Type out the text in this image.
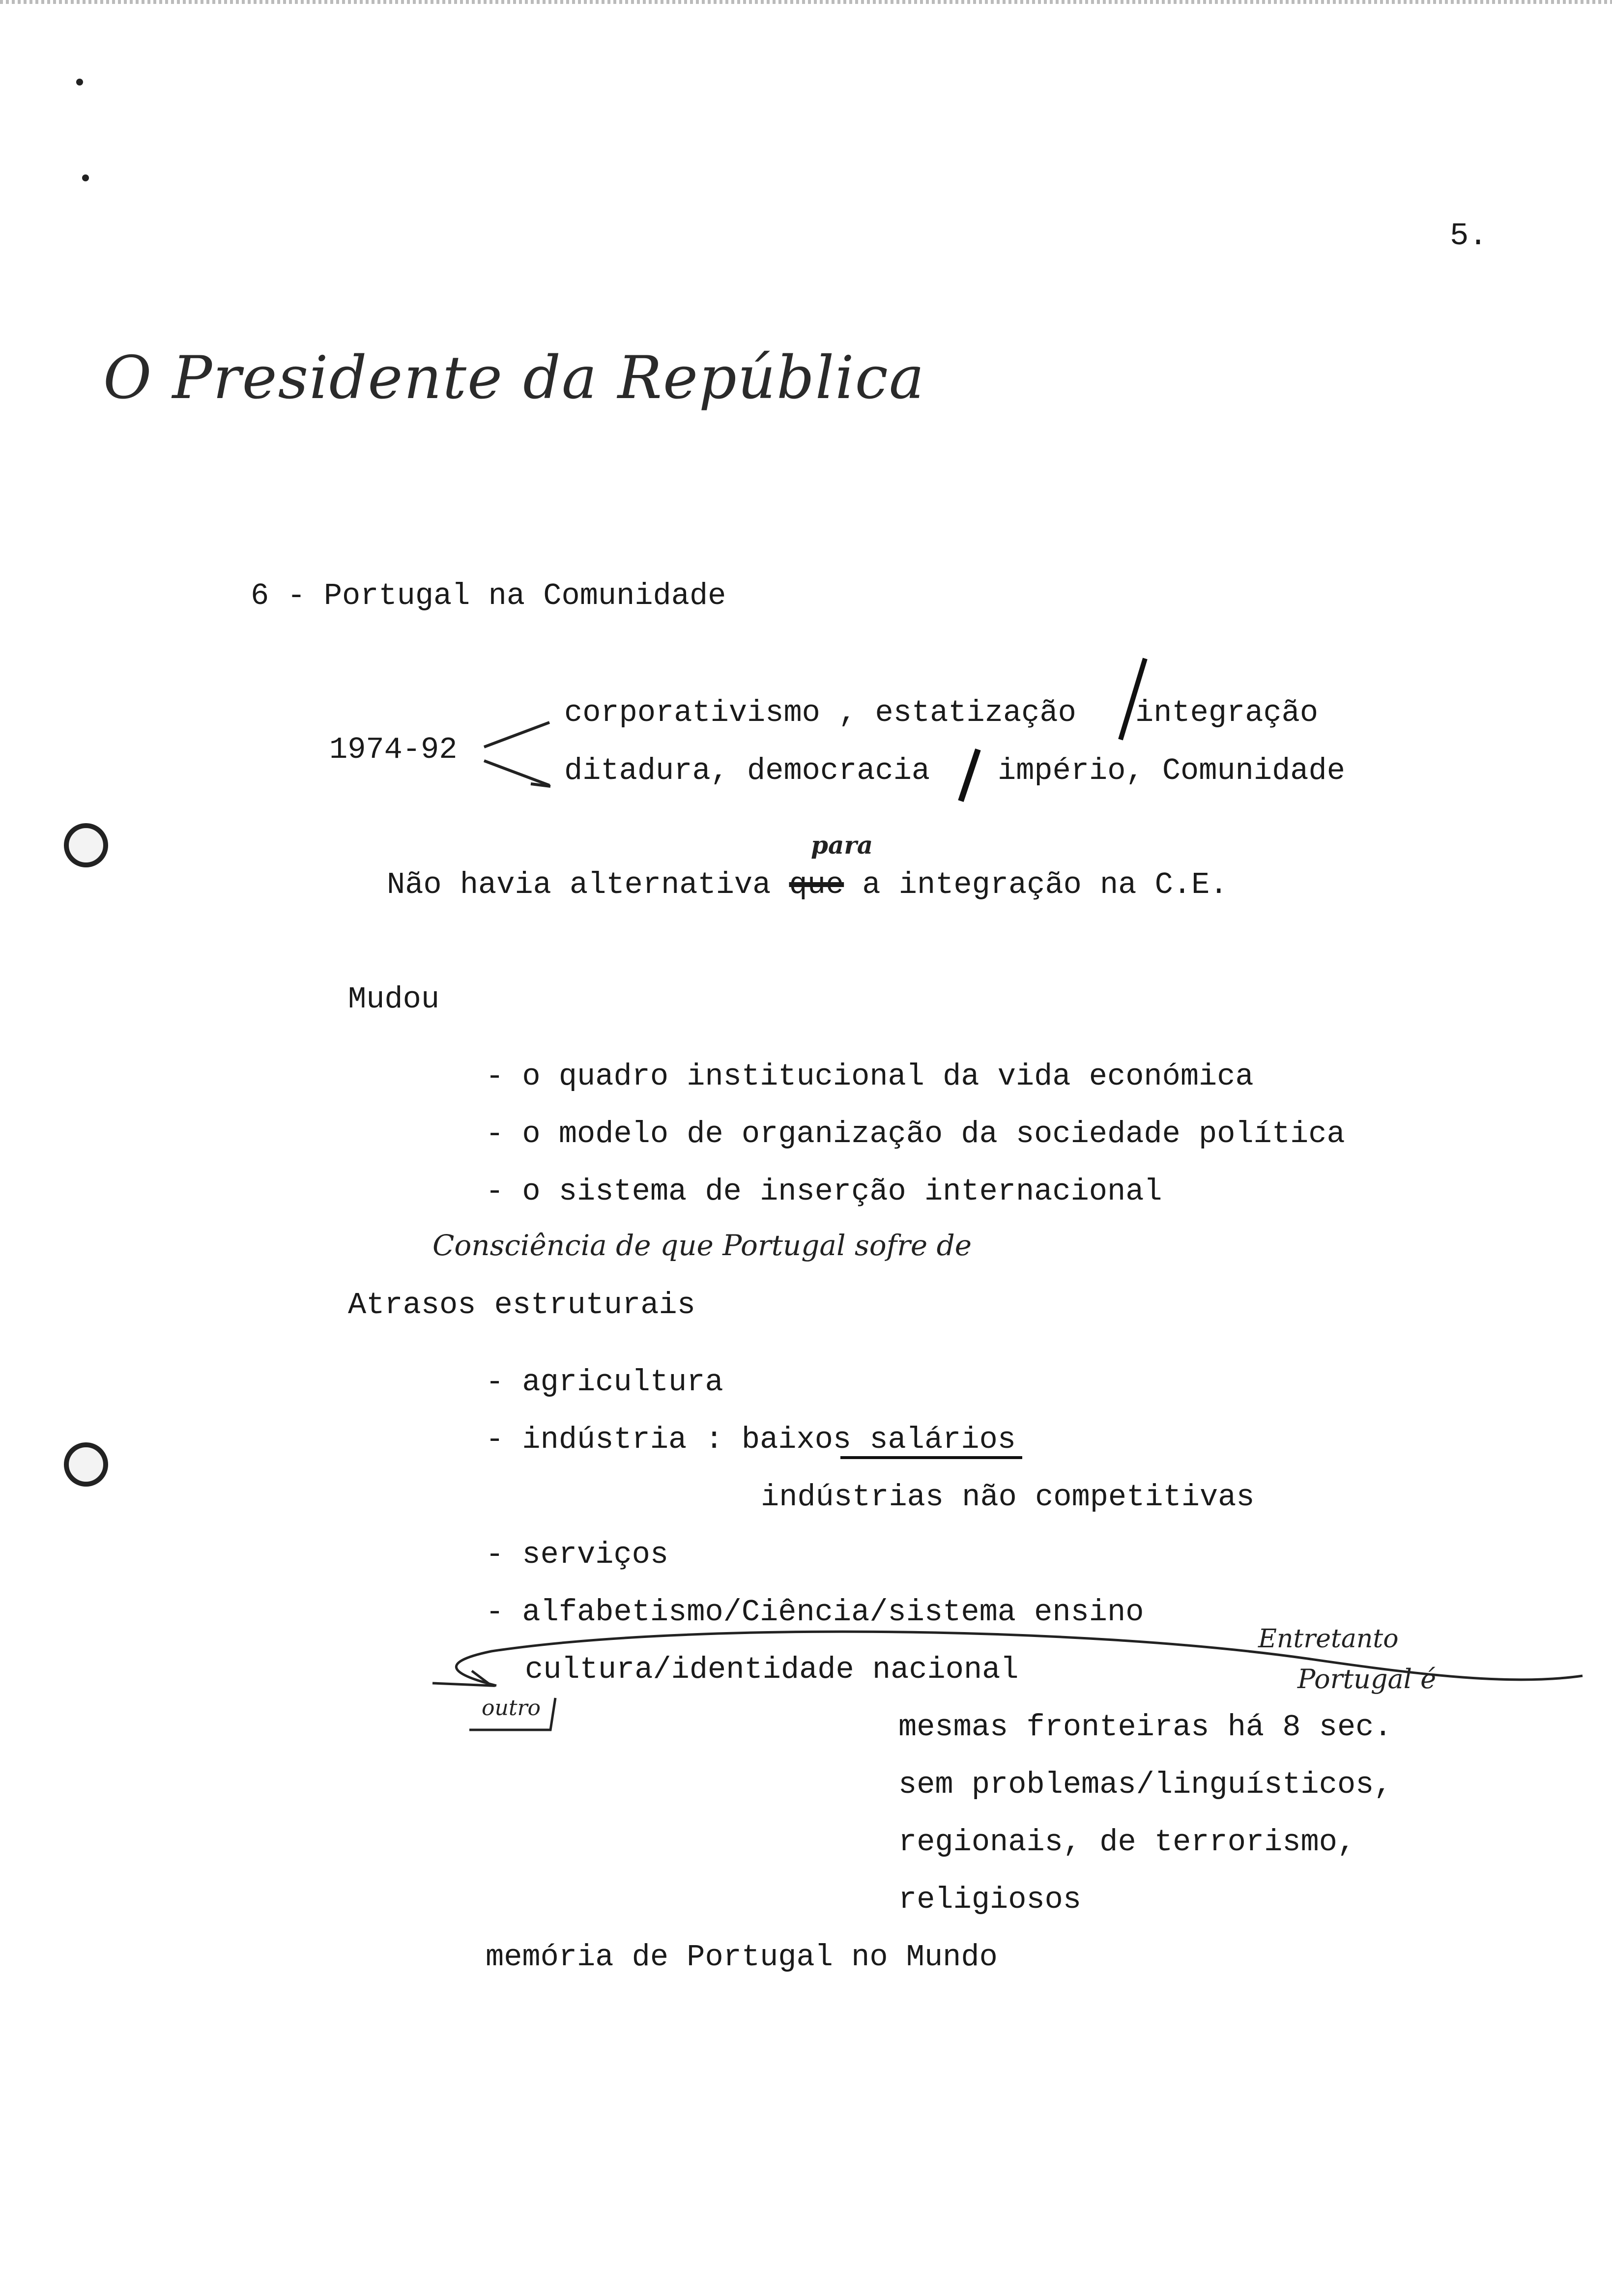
5.
O Presidente da República
6 - Portugal na Comunidade
1974-92
corporativismo , estatização integração
ditadura, democracia império, Comunidade
Não havia alternativa que a integração na C.E.
para
Mudou
- o quadro institucional da vida económica
- o modelo de organização da sociedade política
- o sistema de inserção internacional
Consciência de que Portugal sofre de
Atrasos estruturais
- agricultura
- indústria : baixos salários
indústrias não competitivas
- serviços
- alfabetismo/Ciência/sistema ensino
cultura/identidade nacional
outro
Entretanto
Portugal é
mesmas fronteiras há 8 sec.
sem problemas/linguísticos,
regionais, de terrorismo,
religiosos
memória de Portugal no Mundo
